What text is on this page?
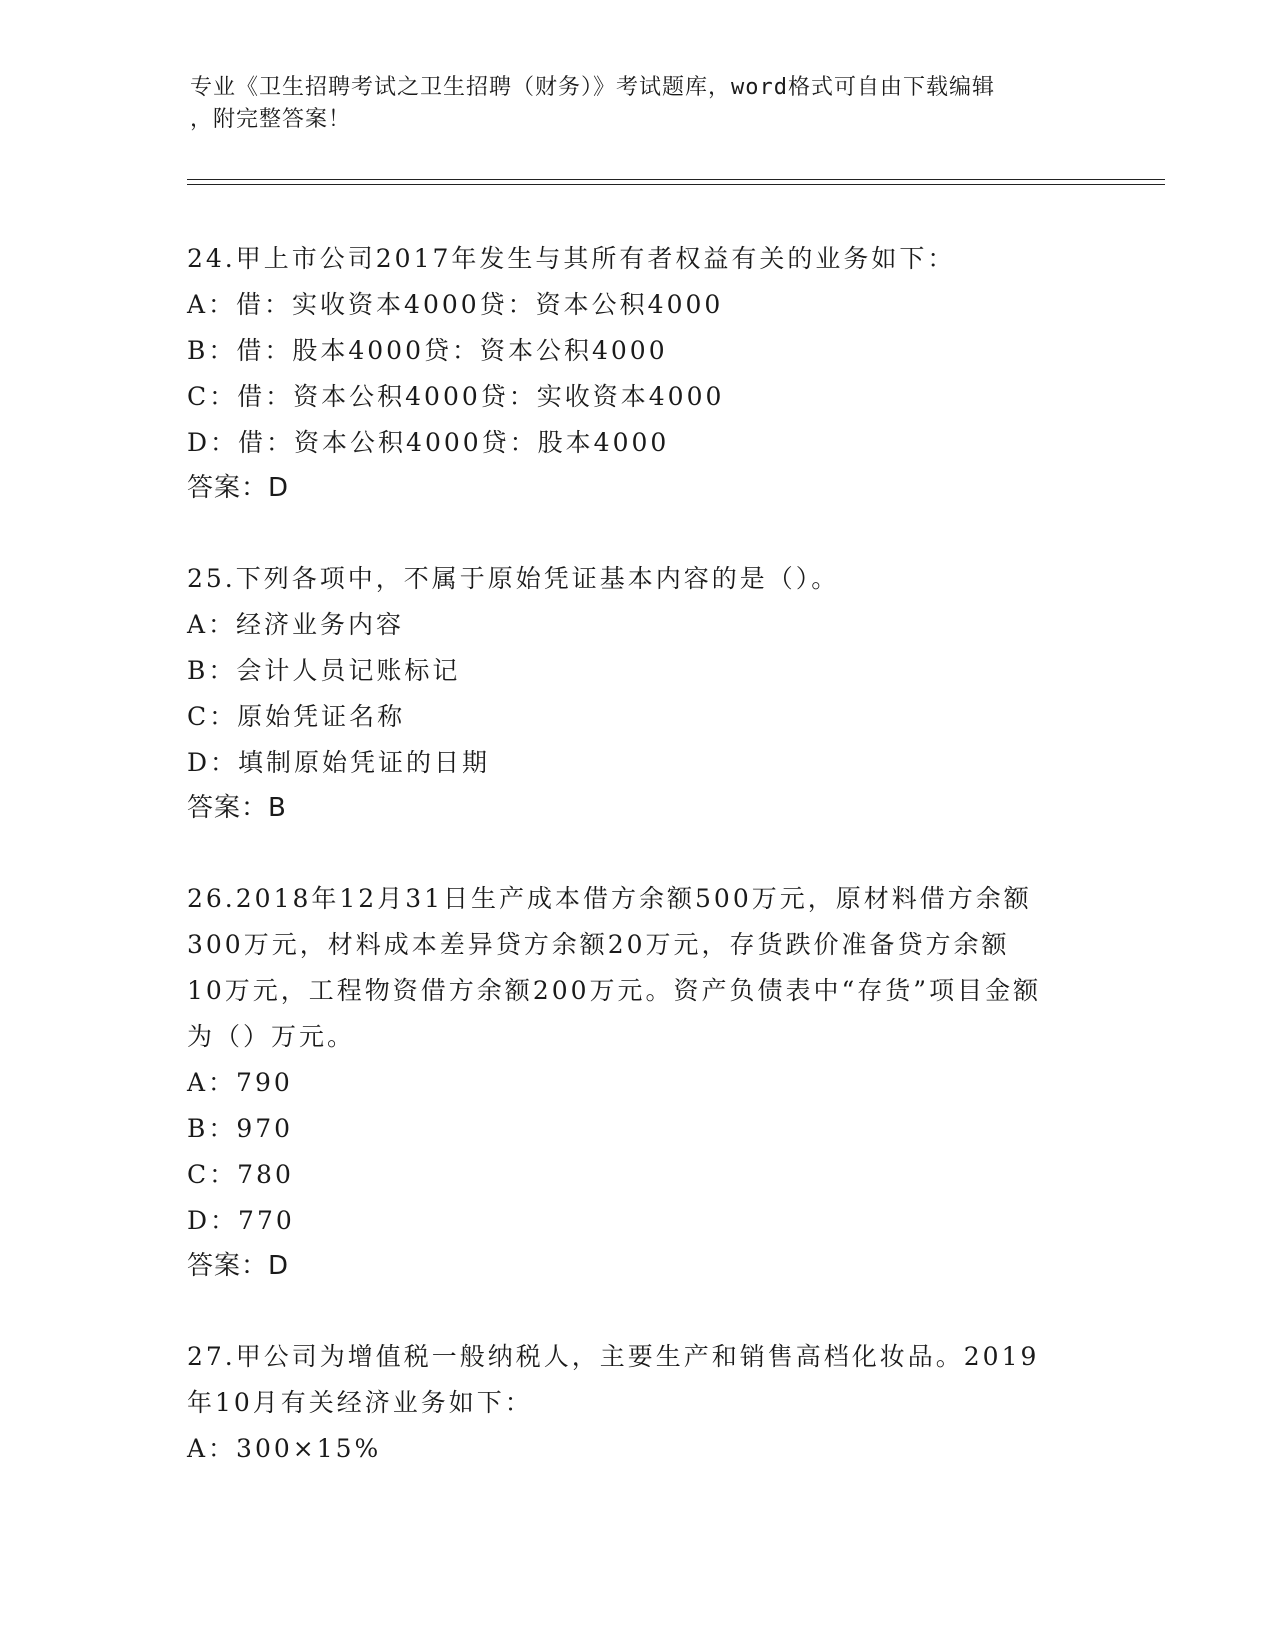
专业《卫生招聘考试之卫生招聘（财务）》考试题库，word格式可自由下载编辑
，附完整答案！
24.甲上市公司2017年发生与其所有者权益有关的业务如下：
A：借：实收资本4000贷：资本公积4000
B：借：股本4000贷：资本公积4000
C：借：资本公积4000贷：实收资本4000
D：借：资本公积4000贷：股本4000
答案：D
25.下列各项中，不属于原始凭证基本内容的是（）。
A：经济业务内容
B：会计人员记账标记
C：原始凭证名称
D：填制原始凭证的日期
答案：B
26.2018年12月31日生产成本借方余额500万元，原材料借方余额300万元，材料成本差异贷方余额20万元，存货跌价准备贷方余额10万元，工程物资借方余额200万元。资产负债表中“存货”项目金额为（）万元。
A：790
B：970
C：780
D：770
答案：D
27.甲公司为增值税一般纳税人，主要生产和销售高档化妆品。2019年10月有关经济业务如下：
A：300×15%
